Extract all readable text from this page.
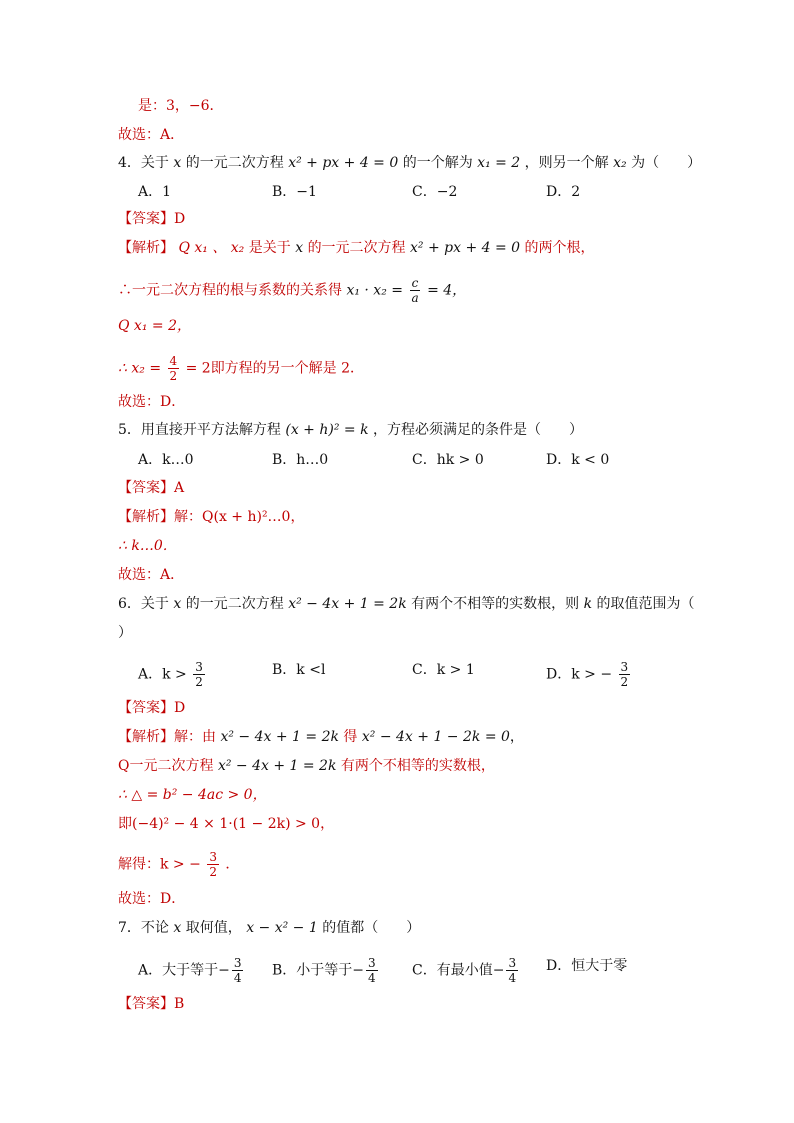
是：3，−6．
故选：A．
4．关于 x 的一元二次方程 x² + px + 4 = 0 的一个解为 x₁ = 2 ，则另一个解 x₂ 为（　　）
A．1	B．−1	C．−2	D．2
【答案】D
【解析】 Q x₁ 、 x₂ 是关于 x 的一元二次方程 x² + px + 4 = 0 的两个根，
∴一元二次方程的根与系数的关系得 $x_1 \cdot x_2 = \frac{c}{a} = 4$，
Q x₁ = 2，
∴ $x_2 = \frac{4}{2} = 2$即方程的另一个解是 2．
故选：D．
5．用直接开平方法解方程 (x + h)² = k ，方程必须满足的条件是（　　）
A．k…0	B．h…0	C．hk > 0	D．k < 0
【答案】A
【解析】解：Q(x + h)²…0，
∴ k…0．
故选：A．
6．关于 x 的一元二次方程 x² − 4x + 1 = 2k 有两个不相等的实数根，则 k 的取值范围为（
）
A．$k > \frac{3}{2}$	B．k <l	C．k > 1	D．k > − $\frac{3}{2}$
【答案】D
【解析】解：由 x² − 4x + 1 = 2k 得 x² − 4x + 1 − 2k = 0，
Q一元二次方程 x² − 4x + 1 = 2k 有两个不相等的实数根，
∴ △ = b² − 4ac > 0，
即(−4)² − 4 × 1·(1 − 2k) > 0，
解得：k > − $\frac{3}{2}$ ．
故选：D．
7．不论 x 取何值， x − x² − 1 的值都（　　）
A．大于等于− $\frac{3}{4}$ B．小于等于− $\frac{3}{4}$ C．有最小值− $\frac{3}{4}$ D．恒大于零
【答案】B
